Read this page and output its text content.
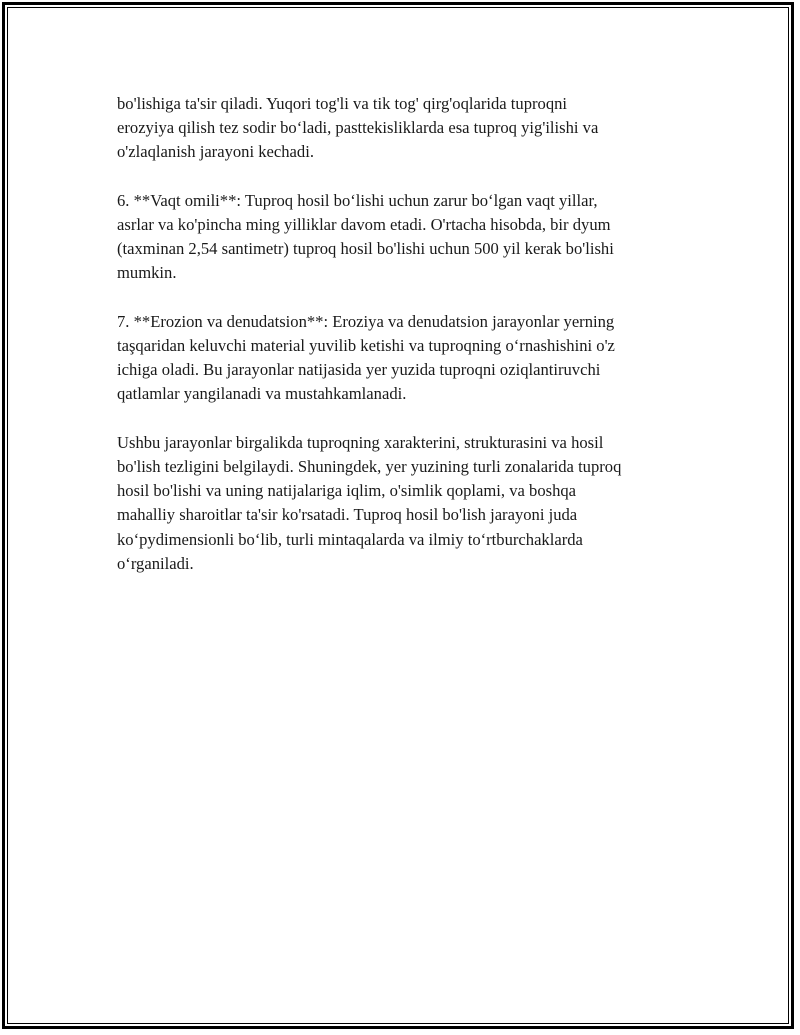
bo'lishiga ta'sir qiladi. Yuqori tog'li va tik tog' qirg'oqlarida tuproqni
erozyiya qilish tez sodir bo‘ladi, pasttekisliklarda esa tuproq yig'ilishi va
o'zlaqlanish jarayoni kechadi.

6. **Vaqt omili**: Tuproq hosil bo‘lishi uchun zarur bo‘lgan vaqt yillar,
asrlar va ko'pincha ming yilliklar davom etadi. O'rtacha hisobda, bir dyum
(taxminan 2,54 santimetr) tuproq hosil bo'lishi uchun 500 yil kerak bo'lishi
mumkin.

7. **Erozion va denudatsion**: Eroziya va denudatsion jarayonlar yerning
taşqaridan keluvchi material yuvilib ketishi va tuproqning o‘rnashishini o'z
ichiga oladi. Bu jarayonlar natijasida yer yuzida tuproqni oziqlantiruvchi
qatlamlar yangilanadi va mustahkamlanadi.

Ushbu jarayonlar birgalikda tuproqning xarakterini, strukturasini va hosil
bo'lish tezligini belgilaydi. Shuningdek, yer yuzining turli zonalarida tuproq
hosil bo'lishi va uning natijalariga iqlim, o'simlik qoplami, va boshqa
mahalliy sharoitlar ta'sir ko'rsatadi. Tuproq hosil bo'lish jarayoni juda
ko‘pydimensionli bo‘lib, turli mintaqalarda va ilmiy to‘rtburchaklarda
o‘rganiladi.
